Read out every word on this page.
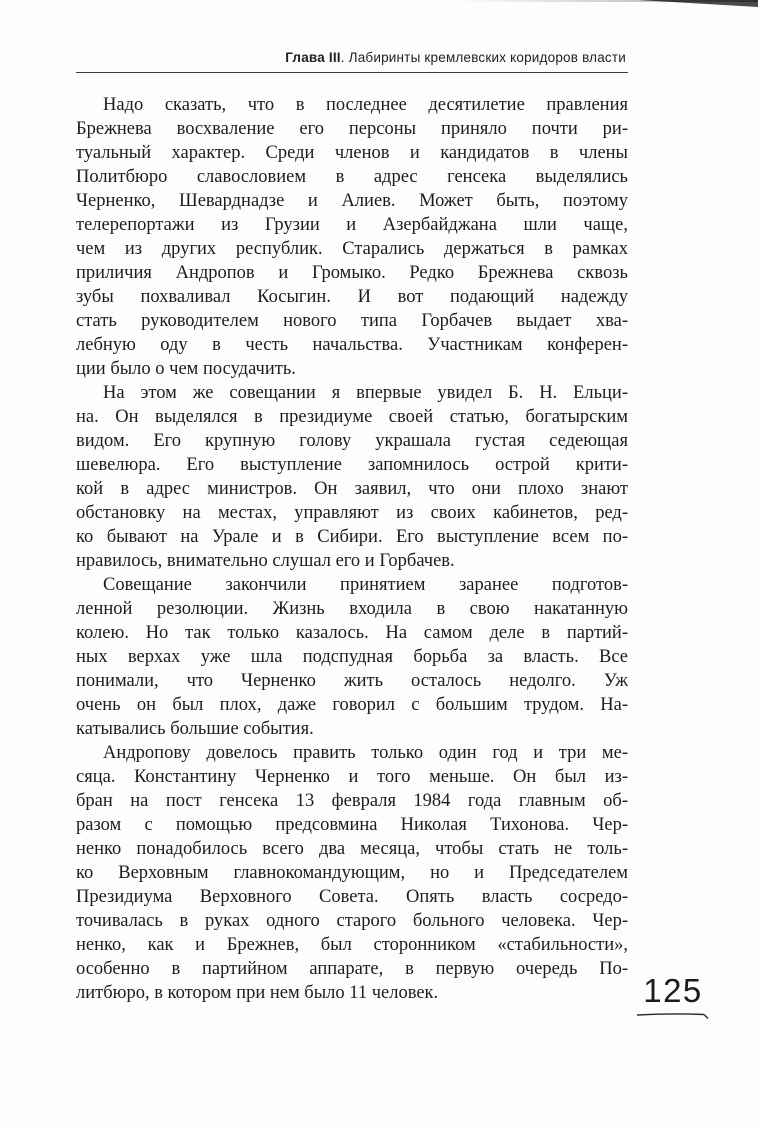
Глава III. Лабиринты кремлевских коридоров власти

Надо сказать, что в последнее десятилетие правления
Брежнева восхваление его персоны приняло почти ри-
туальный характер. Среди членов и кандидатов в члены
Политбюро славословием в адрес генсека выделялись
Черненко, Шеварднадзе и Алиев. Может быть, поэтому
телерепортажи из Грузии и Азербайджана шли чаще,
чем из других республик. Старались держаться в рамках
приличия Андропов и Громыко. Редко Брежнева сквозь
зубы похваливал Косыгин. И вот подающий надежду
стать руководителем нового типа Горбачев выдает хва-
лебную оду в честь начальства. Участникам конферен-
ции было о чем посудачить.

На этом же совещании я впервые увидел Б. Н. Ельци-
на. Он выделялся в президиуме своей статью, богатырским
видом. Его крупную голову украшала густая седеющая
шевелюра. Его выступление запомнилось острой крити-
кой в адрес министров. Он заявил, что они плохо знают
обстановку на местах, управляют из своих кабинетов, ред-
ко бывают на Урале и в Сибири. Его выступление всем по-
нравилось, внимательно слушал его и Горбачев.

Совещание закончили принятием заранее подготов-
ленной резолюции. Жизнь входила в свою накатанную
колею. Но так только казалось. На самом деле в партий-
ных верхах уже шла подспудная борьба за власть. Все
понимали, что Черненко жить осталось недолго. Уж
очень он был плох, даже говорил с большим трудом. На-
катывались большие события.

Андропову довелось править только один год и три ме-
сяца. Константину Черненко и того меньше. Он был из-
бран на пост генсека 13 февраля 1984 года главным об-
разом с помощью предсовмина Николая Тихонова. Чер-
ненко понадобилось всего два месяца, чтобы стать не толь-
ко Верховным главнокомандующим, но и Председателем
Президиума Верховного Совета. Опять власть сосредо-
точивалась в руках одного старого больного человека. Чер-
ненко, как и Брежнев, был сторонником «стабильности»,
особенно в партийном аппарате, в первую очередь По-
литбюро, в котором при нем было 11 человек.	125
